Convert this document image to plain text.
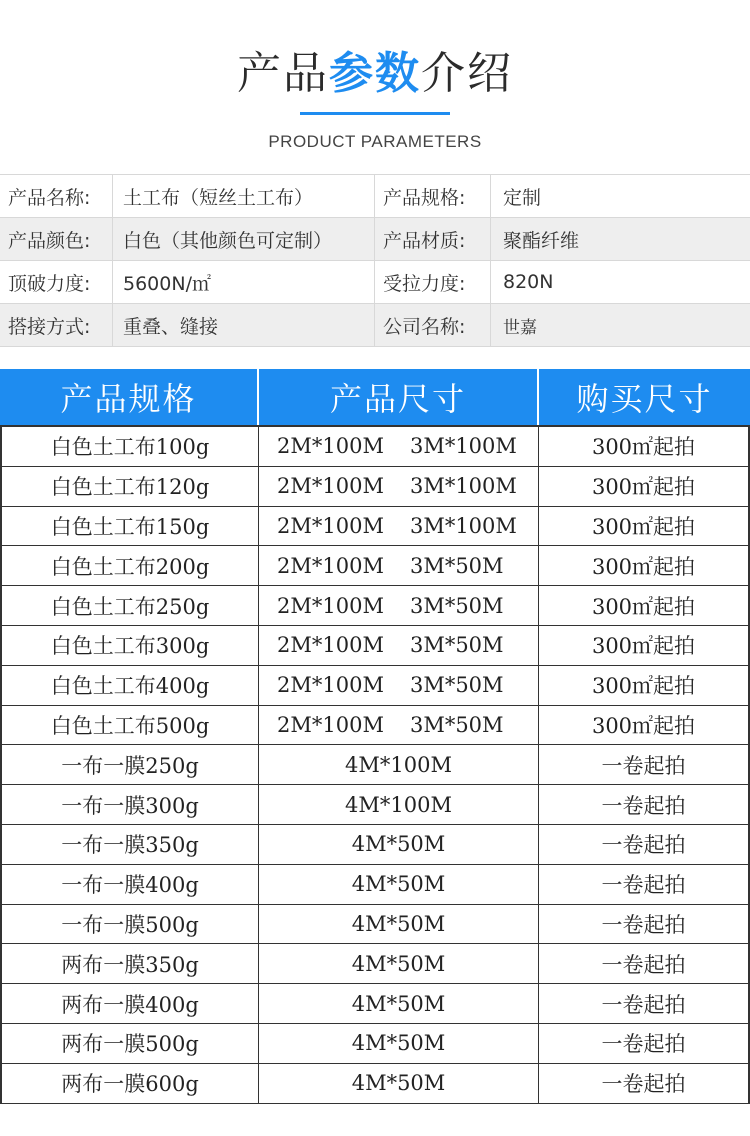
产品参数介绍
PRODUCT PARAMETERS
产品名称:	土工布（短丝土工布）	产品规格:	定制
产品颜色:	白色（其他颜色可定制）	产品材质:	聚酯纤维
顶破力度:	5600N/㎡	受拉力度:	820N
搭接方式:	重叠、缝接	公司名称:	世嘉
产品规格	产品尺寸	购买尺寸
白色土工布100g	2M*100M 3M*100M	300㎡起拍
白色土工布120g	2M*100M 3M*100M	300㎡起拍
白色土工布150g	2M*100M 3M*100M	300㎡起拍
白色土工布200g	2M*100M 3M*50M	300㎡起拍
白色土工布250g	2M*100M 3M*50M	300㎡起拍
白色土工布300g	2M*100M 3M*50M	300㎡起拍
白色土工布400g	2M*100M 3M*50M	300㎡起拍
白色土工布500g	2M*100M 3M*50M	300㎡起拍
一布一膜250g	4M*100M	一卷起拍
一布一膜300g	4M*100M	一卷起拍
一布一膜350g	4M*50M	一卷起拍
一布一膜400g	4M*50M	一卷起拍
一布一膜500g	4M*50M	一卷起拍
两布一膜350g	4M*50M	一卷起拍
两布一膜400g	4M*50M	一卷起拍
两布一膜500g	4M*50M	一卷起拍
两布一膜600g	4M*50M	一卷起拍
